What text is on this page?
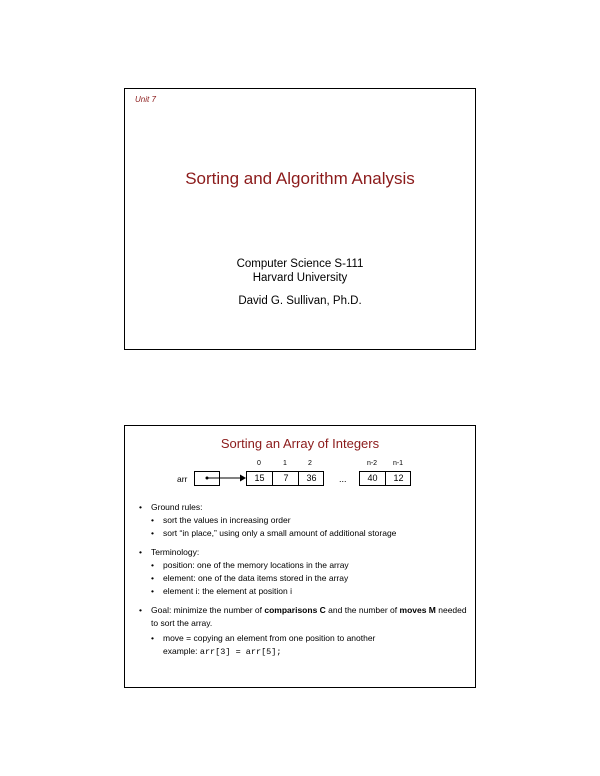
Unit 7
Sorting and Algorithm Analysis
Computer Science S-111
Harvard University
David G. Sullivan, Ph.D.
Sorting an Array of Integers
0	1	2	n-2	n-1
arr	15	7	36	...	40	12
• Ground rules:
• sort the values in increasing order
• sort “in place,” using only a small amount of additional storage
• Terminology:
• position: one of the memory locations in the array
• element: one of the data items stored in the array
• element i: the element at position i
• Goal: minimize the number of comparisons C and the number of moves M needed to sort the array.
• move = copying an element from one position to another
example: arr[3] = arr[5];
